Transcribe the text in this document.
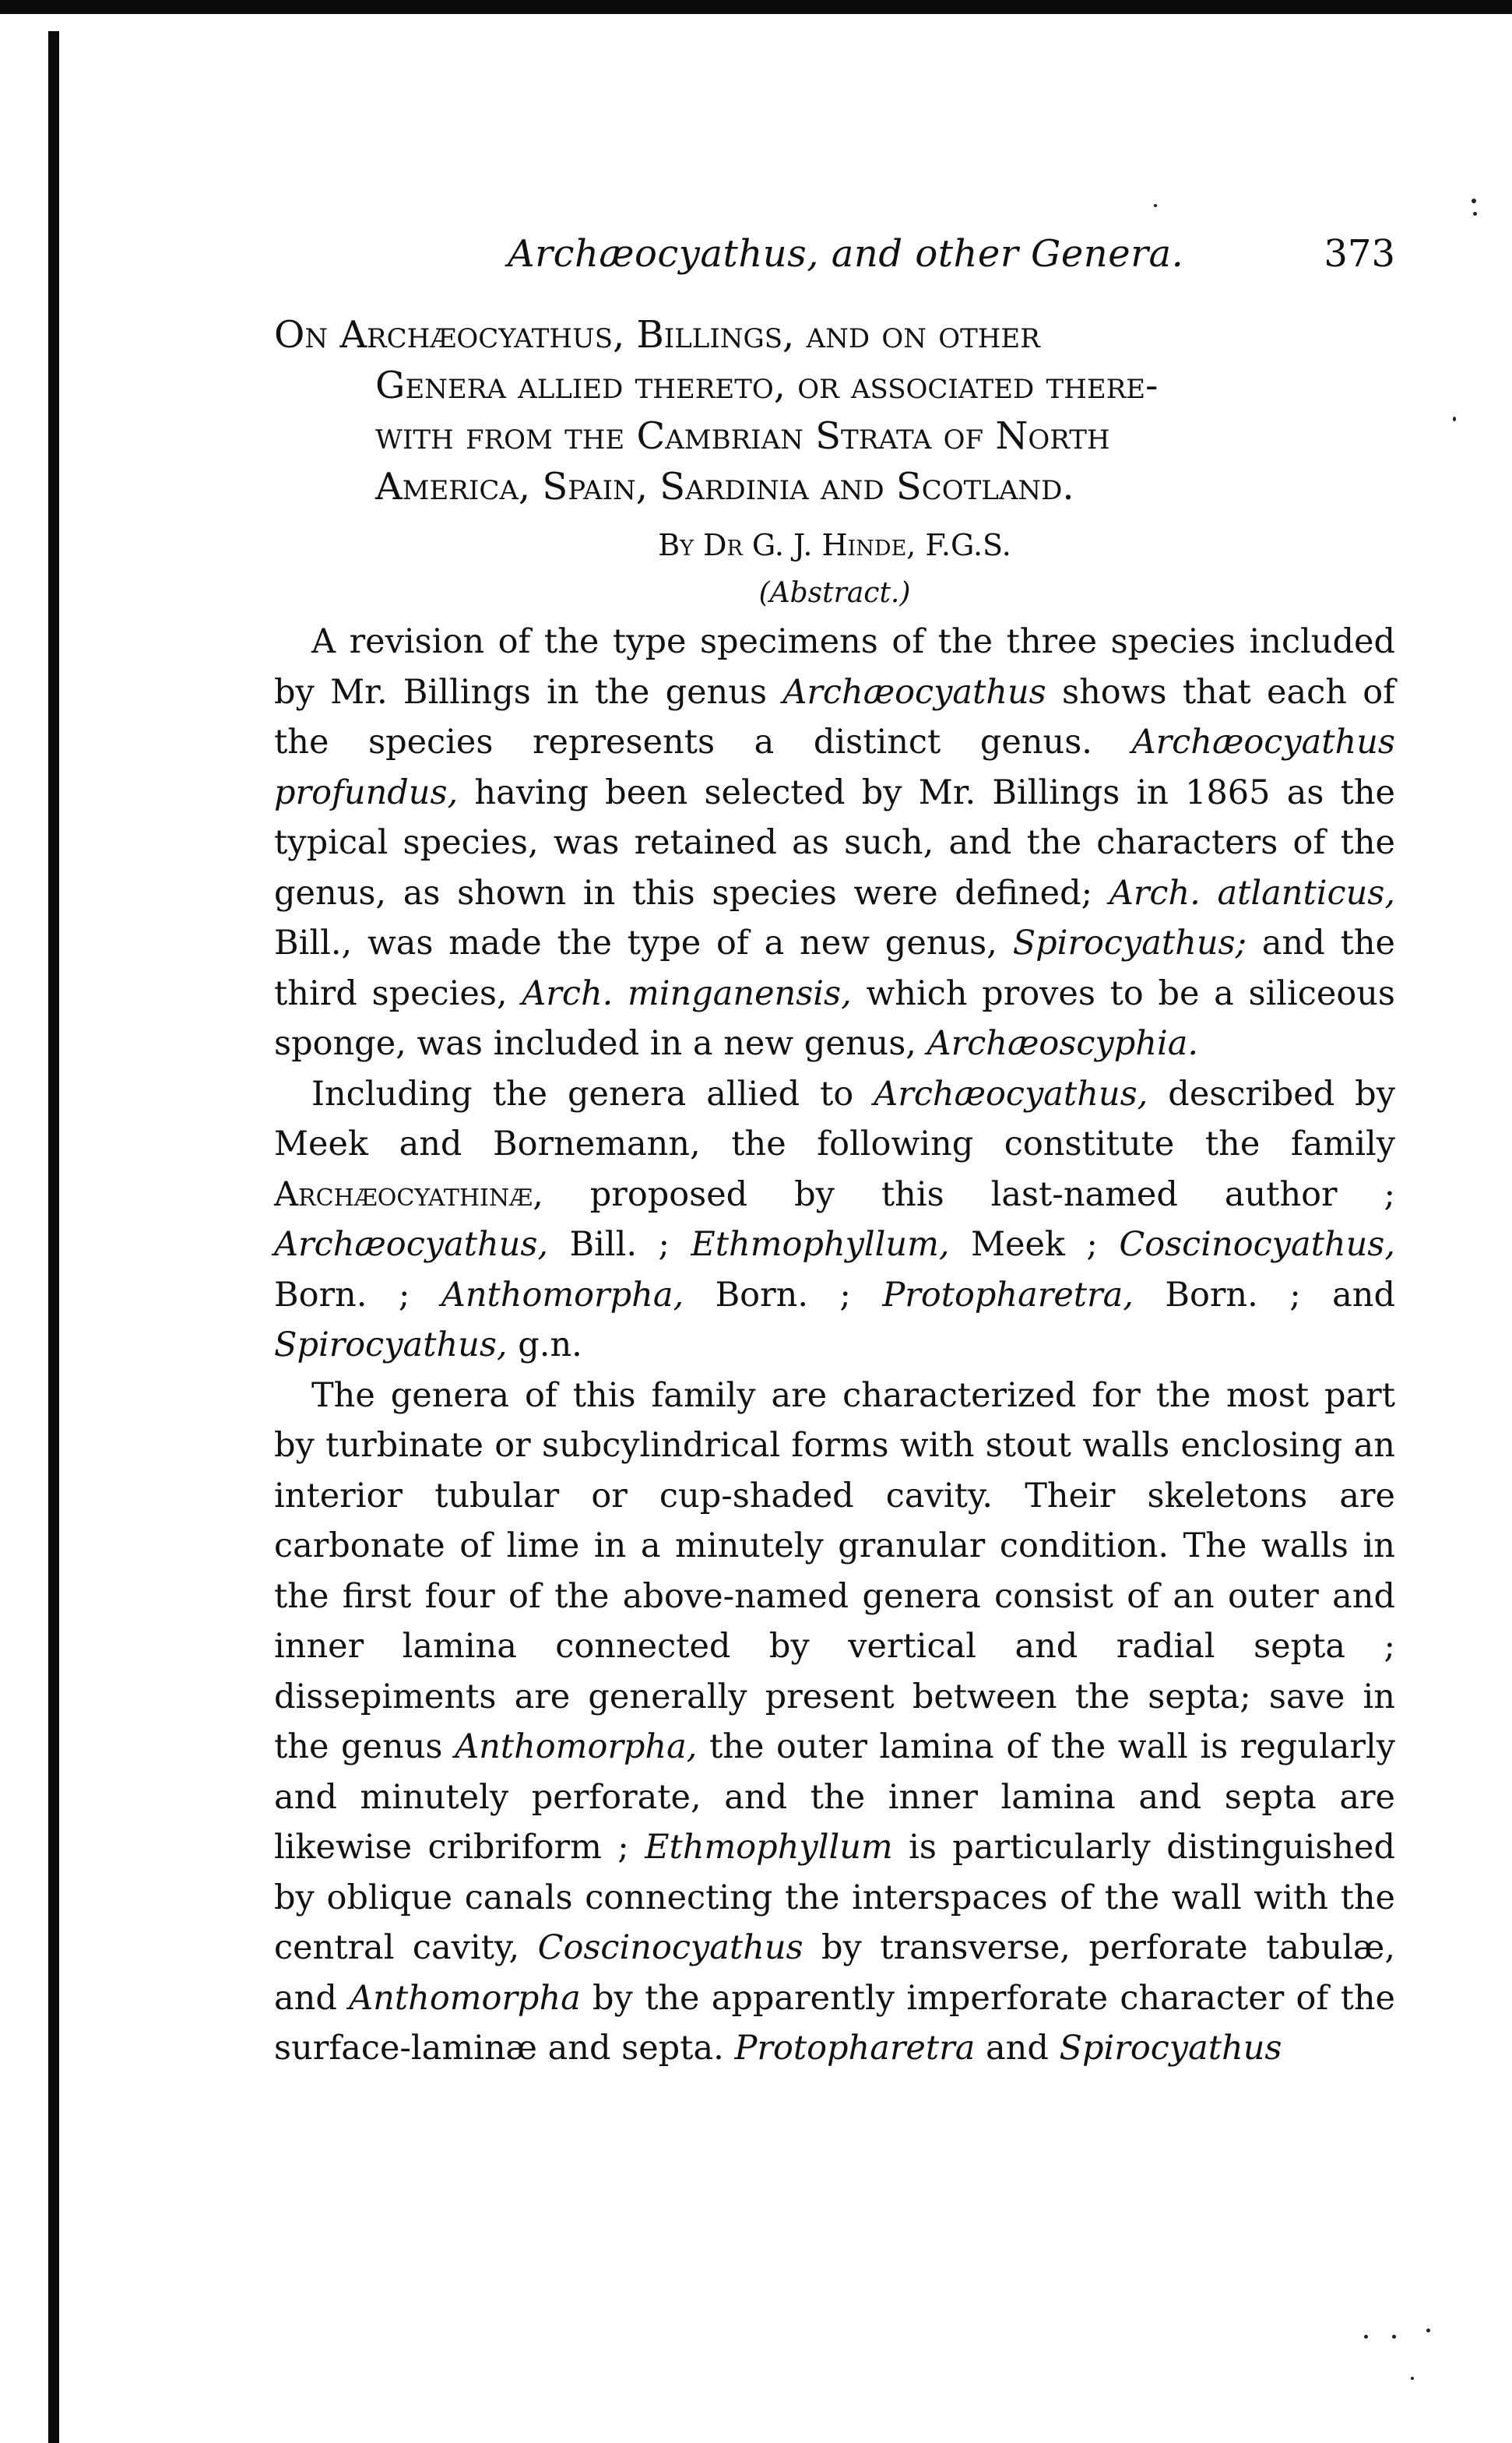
Archæocyathus, and other Genera.	373
On Archæocyathus, Billings, and on other
Genera allied thereto, or associated there-
with from the Cambrian Strata of North
America, Spain, Sardinia and Scotland.
By Dr G. J. Hinde, F.G.S.
(Abstract.)

A revision of the type specimens of the three species included by Mr. Billings in the genus Archæocyathus shows that each of the species represents a distinct genus. Archæocyathus profundus, having been selected by Mr. Billings in 1865 as the typical species, was retained as such, and the characters of the genus, as shown in this species were defined; Arch. atlanticus, Bill., was made the type of a new genus, Spirocyathus; and the third species, Arch. minganensis, which proves to be a siliceous sponge, was included in a new genus, Archæoscyphia.

Including the genera allied to Archæocyathus, described by Meek and Bornemann, the following constitute the family Archæocyathinæ, proposed by this last-named author ; Archæocyathus, Bill. ; Ethmophyllum, Meek ; Coscinocyathus, Born. ; Anthomorpha, Born. ; Protopharetra, Born. ; and Spirocyathus, g.n.

The genera of this family are characterized for the most part by turbinate or subcylindrical forms with stout walls enclosing an interior tubular or cup-shaded cavity. Their skeletons are carbonate of lime in a minutely granular condition. The walls in the first four of the above-named genera consist of an outer and inner lamina connected by vertical and radial septa ; dissepiments are generally present between the septa; save in the genus Anthomorpha, the outer lamina of the wall is regularly and minutely perforate, and the inner lamina and septa are likewise cribriform ; Ethmophyllum is particularly distinguished by oblique canals connecting the interspaces of the wall with the central cavity, Coscinocyathus by transverse, perforate tabulæ, and Anthomorpha by the apparently imperforate character of the surface-laminæ and septa. Protopharetra and Spirocyathus
